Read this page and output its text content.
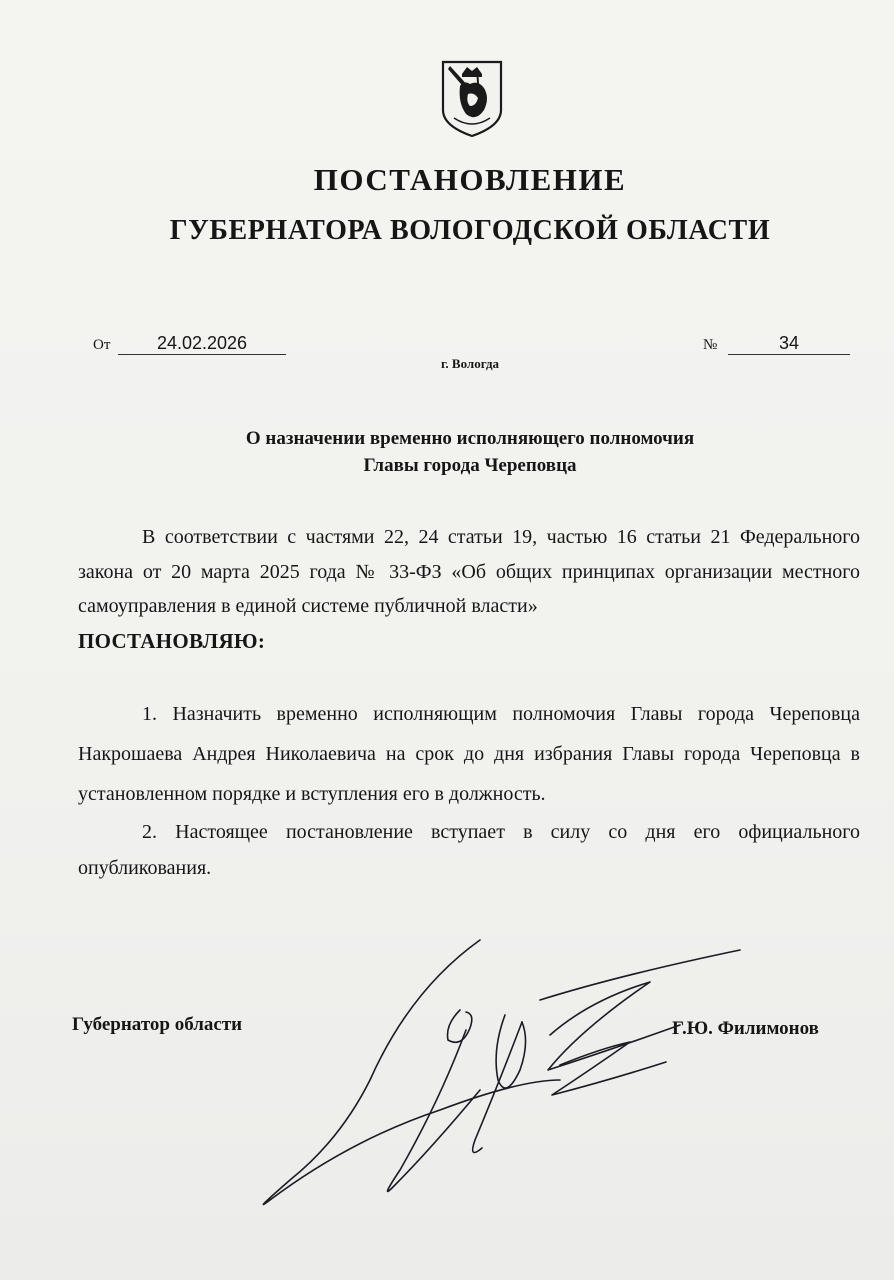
ПОСТАНОВЛЕНИЕ
ГУБЕРНАТОРА ВОЛОГОДСКОЙ ОБЛАСТИ
От	24.02.2026	№	34
г. Вологда
О назначении временно исполняющего полномочия
Главы города Череповца

В соответствии с частями 22, 24 статьи 19, частью 16 статьи 21 Федерального закона от 20 марта 2025 года № 33-ФЗ «Об общих принципах организации местного самоуправления в единой системе публичной власти»

ПОСТАНОВЛЯЮ:

1. Назначить временно исполняющим полномочия Главы города Череповца Накрошаева Андрея Николаевича на срок до дня избрания Главы города Череповца в установленном порядке и вступления его в должность.

2. Настоящее постановление вступает в силу со дня его официального опубликования.

Губернатор области	Г.Ю. Филимонов
